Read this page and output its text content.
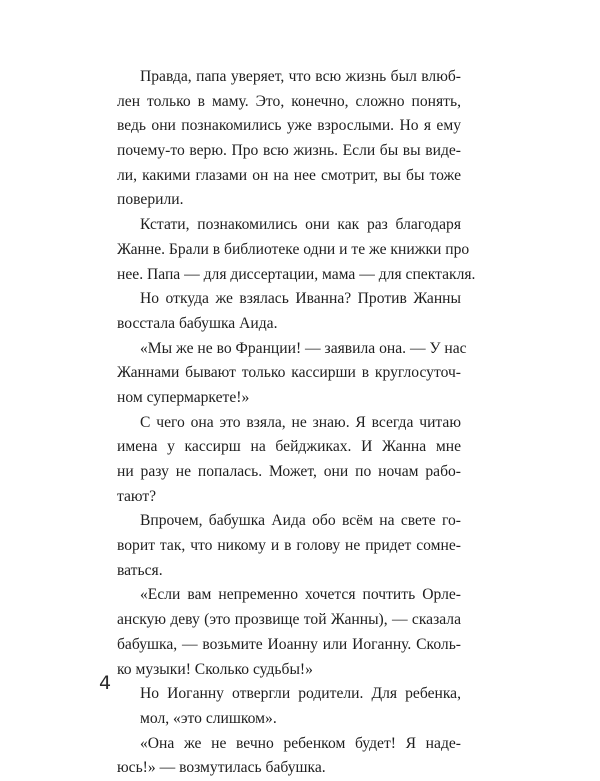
Правда, папа уверяет, что всю жизнь был влюб-
лен только в маму. Это, конечно, сложно понять,
ведь они познакомились уже взрослыми. Но я ему
почему-то верю. Про всю жизнь. Если бы вы виде-
ли, какими глазами он на нее смотрит, вы бы тоже
поверили.
Кстати, познакомились они как раз благодаря
Жанне. Брали в библиотеке одни и те же книжки про
нее. Папа — для диссертации, мама — для спектакля.
Но откуда же взялась Иванна? Против Жанны
восстала бабушка Аида.
«Мы же не во Франции! — заявила она. — У нас
Жаннами бывают только кассирши в круглосуточ-
ном супермаркете!»
С чего она это взяла, не знаю. Я всегда читаю
имена у кассирш на бейджиках. И Жанна мне
ни разу не попалась. Может, они по ночам рабо-
тают?
Впрочем, бабушка Аида обо всём на свете го-
ворит так, что никому и в голову не придет сомне-
ваться.
«Если вам непременно хочется почтить Орле-
анскую деву (это прозвище той Жанны), — сказала
бабушка, — возьмите Иоанну или Иоганну. Сколь-
ко музыки! Сколько судьбы!»
Но Иоганну отвергли родители. Для ребенка,
мол, «это слишком».
«Она же не вечно ребенком будет! Я наде-
юсь!» — возмутилась бабушка.
4
